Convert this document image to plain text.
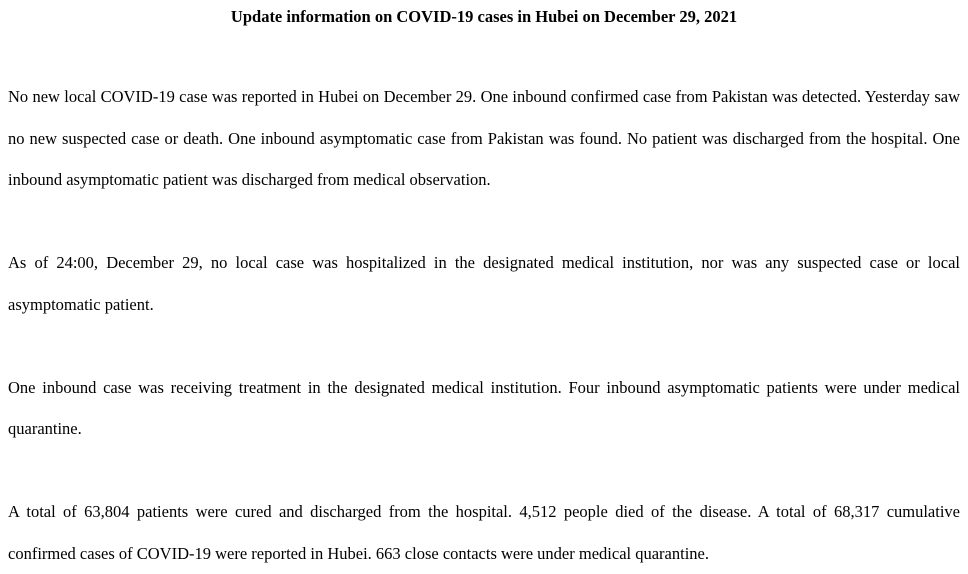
Update information on COVID-19 cases in Hubei on December 29, 2021

No new local COVID-19 case was reported in Hubei on December 29. One inbound confirmed case from Pakistan was detected. Yesterday saw no new suspected case or death. One inbound asymptomatic case from Pakistan was found. No patient was discharged from the hospital. One inbound asymptomatic patient was discharged from medical observation.

As of 24:00, December 29, no local case was hospitalized in the designated medical institution, nor was any suspected case or local asymptomatic patient.

One inbound case was receiving treatment in the designated medical institution. Four inbound asymptomatic patients were under medical quarantine.

A total of 63,804 patients were cured and discharged from the hospital. 4,512 people died of the disease. A total of 68,317 cumulative confirmed cases of COVID-19 were reported in Hubei. 663 close contacts were under medical quarantine.
